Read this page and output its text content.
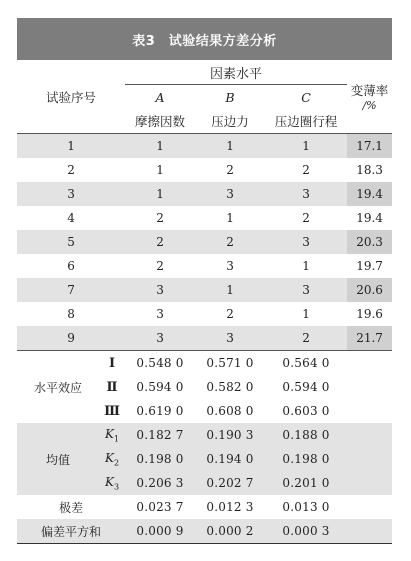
表3　试验结果方差分析
试验序号		因素水平			变薄率
/%

		A	B	C	
		摩擦因数	压边力	压边圈行程	
1		1	1	1	17.1
2		1	2	2	18.3
3		1	3	3	19.4
4		2	1	2	19.4
5		2	2	3	20.3
6		2	3	1	19.7
7		3	1	3	20.6
8		3	2	1	19.6
9		3	3	2	21.7
水平效应	Ⅰ	0.548 0	0.571 0	0.564 0	
	Ⅱ	0.594 0	0.582 0	0.594 0	
	Ⅲ	0.619 0	0.608 0	0.603 0	
均值	$K_1$	0.182 7	0.190 3	0.188 0	
	$K_2$	0.198 0	0.194 0	0.198 0	
	$K_3$	0.206 3	0.202 7	0.201 0	
极差		0.023 7	0.012 3	0.013 0	
偏差平方和		0.000 9	0.000 2	0.000 3	
